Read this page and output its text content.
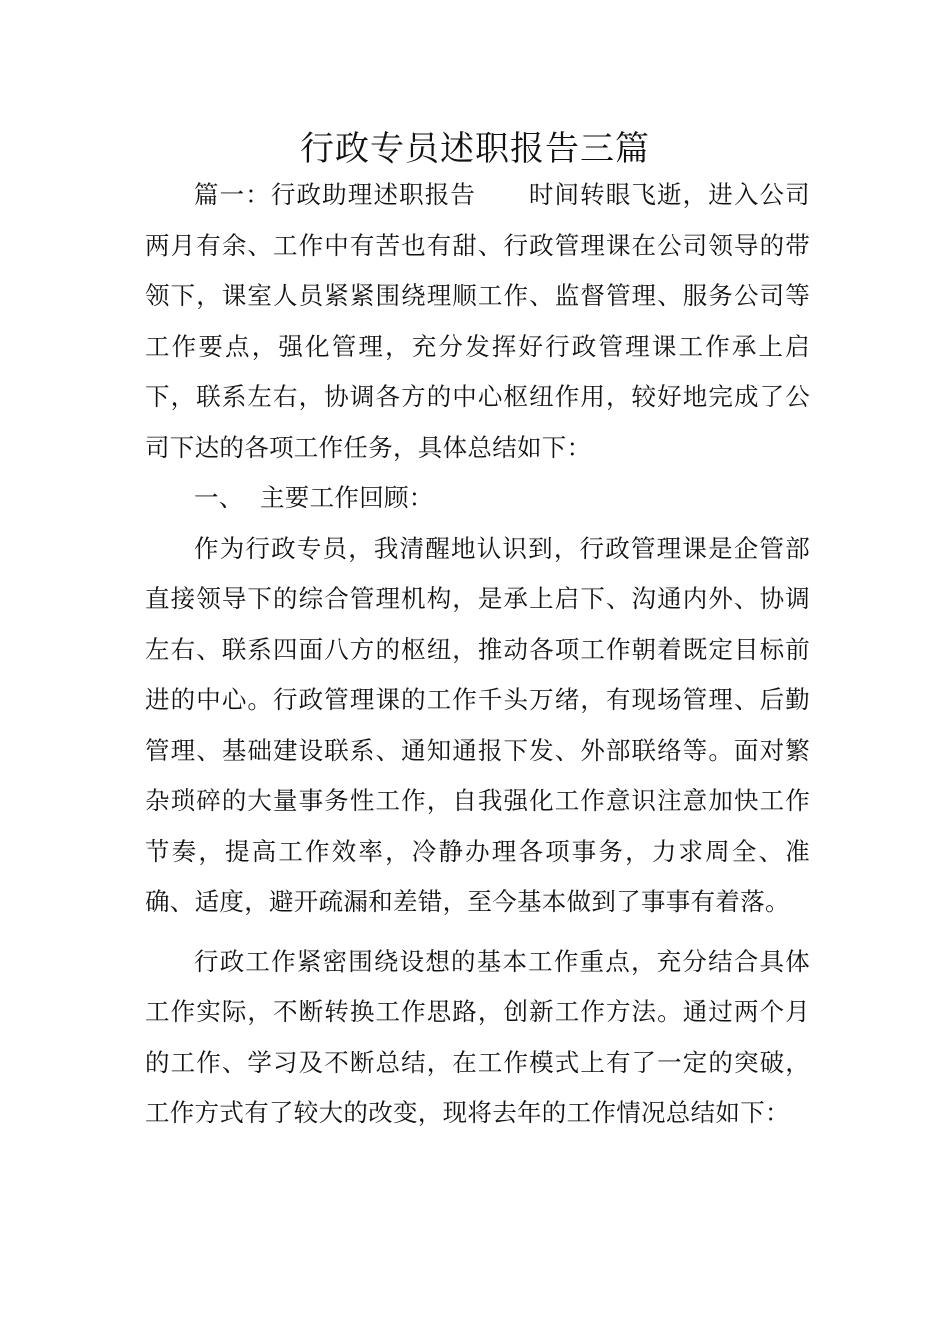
行政专员述职报告三篇

篇一：行政助理述职报告 时间转眼飞逝，进入公司两月有余、工作中有苦也有甜、行政管理课在公司领导的带领下，课室人员紧紧围绕理顺工作、监督管理、服务公司等工作要点，强化管理，充分发挥好行政管理课工作承上启下，联系左右，协调各方的中心枢纽作用，较好地完成了公司下达的各项工作任务，具体总结如下：

一、 主要工作回顾：

作为行政专员，我清醒地认识到，行政管理课是企管部直接领导下的综合管理机构，是承上启下、沟通内外、协调左右、联系四面八方的枢纽，推动各项工作朝着既定目标前进的中心。行政管理课的工作千头万绪，有现场管理、后勤管理、基础建设联系、通知通报下发、外部联络等。面对繁杂琐碎的大量事务性工作，自我强化工作意识注意加快工作节奏，提高工作效率，冷静办理各项事务，力求周全、准确、适度，避开疏漏和差错，至今基本做到了事事有着落。

行政工作紧密围绕设想的基本工作重点，充分结合具体工作实际，不断转换工作思路，创新工作方法。通过两个月的工作、学习及不断总结，在工作模式上有了一定的突破，工作方式有了较大的改变，现将去年的工作情况总结如下：
